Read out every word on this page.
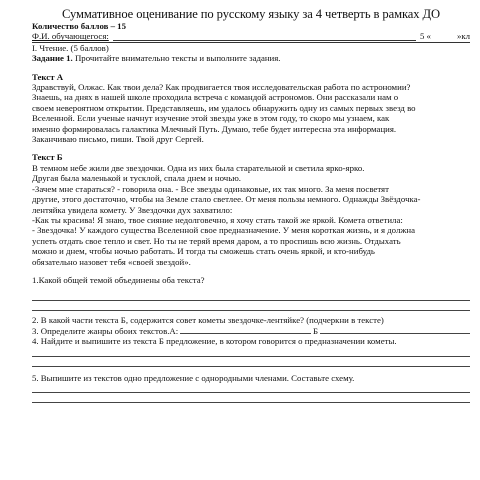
Суммативное оценивание по русскому языку за 4 четверть в рамках ДО
Количество баллов – 15
Ф.И. обучающегося:	5 «	»кл
I. Чтение. (5 баллов)
Задание 1. Прочитайте внимательно тексты и выполните задания.
Текст А
Здравствуй, Олжас. Как твои дела? Как продвигается твоя исследовательская работа по астрономии?
Знаешь, на днях в нашей школе проходила встреча с командой астрономов. Они рассказали нам о
своем невероятном открытии. Представляешь, им удалось обнаружить одну из самых первых звезд во
Вселенной. Если ученые начнут изучение этой звезды уже в этом году, то скоро мы узнаем, как
именно формировалась галактика Млечный Путь. Думаю, тебе будет интересна эта информация.
Заканчиваю письмо, пиши. Твой друг Сергей.
Текст Б
В темном небе жили две звездочки. Одна из них была старательной и светила ярко-ярко.
Другая была маленькой и тусклой, спала днем и ночью.
-Зачем мне стараться? - говорила она. - Все звезды одинаковые, их так много. За меня посветят
другие, этого достаточно, чтобы на Земле стало светлее. От меня пользы немного. Однажды Звёздочка-
лентяйка увидела комету. У Звездочки дух захватило:
-Как ты красива! Я знаю, твое сияние недолговечно, я хочу стать такой же яркой. Комета ответила:
- Звездочка! У каждого существа Вселенной свое предназначение. У меня короткая жизнь, и я должна
успеть отдать свое тепло и свет. Но ты не теряй время даром, а то проспишь всю жизнь. Отдыхать
можно и днем, чтобы ночью работать. И тогда ты сможешь стать очень яркой, и кто-нибудь
обязательно назовет тебя «своей звездой».
1.Какой общей темой объединены оба текста?
2. В какой части текста Б, содержится совет кометы звездочке-лентяйке? (подчеркни в тексте)
3. Определите жанры обоих текстов.А:	Б
4. Найдите и выпишите из текста Б предложение, в котором говорится о предназначении кометы.
5. Выпишите из текстов одно предложение с однородными членами. Составьте схему.
